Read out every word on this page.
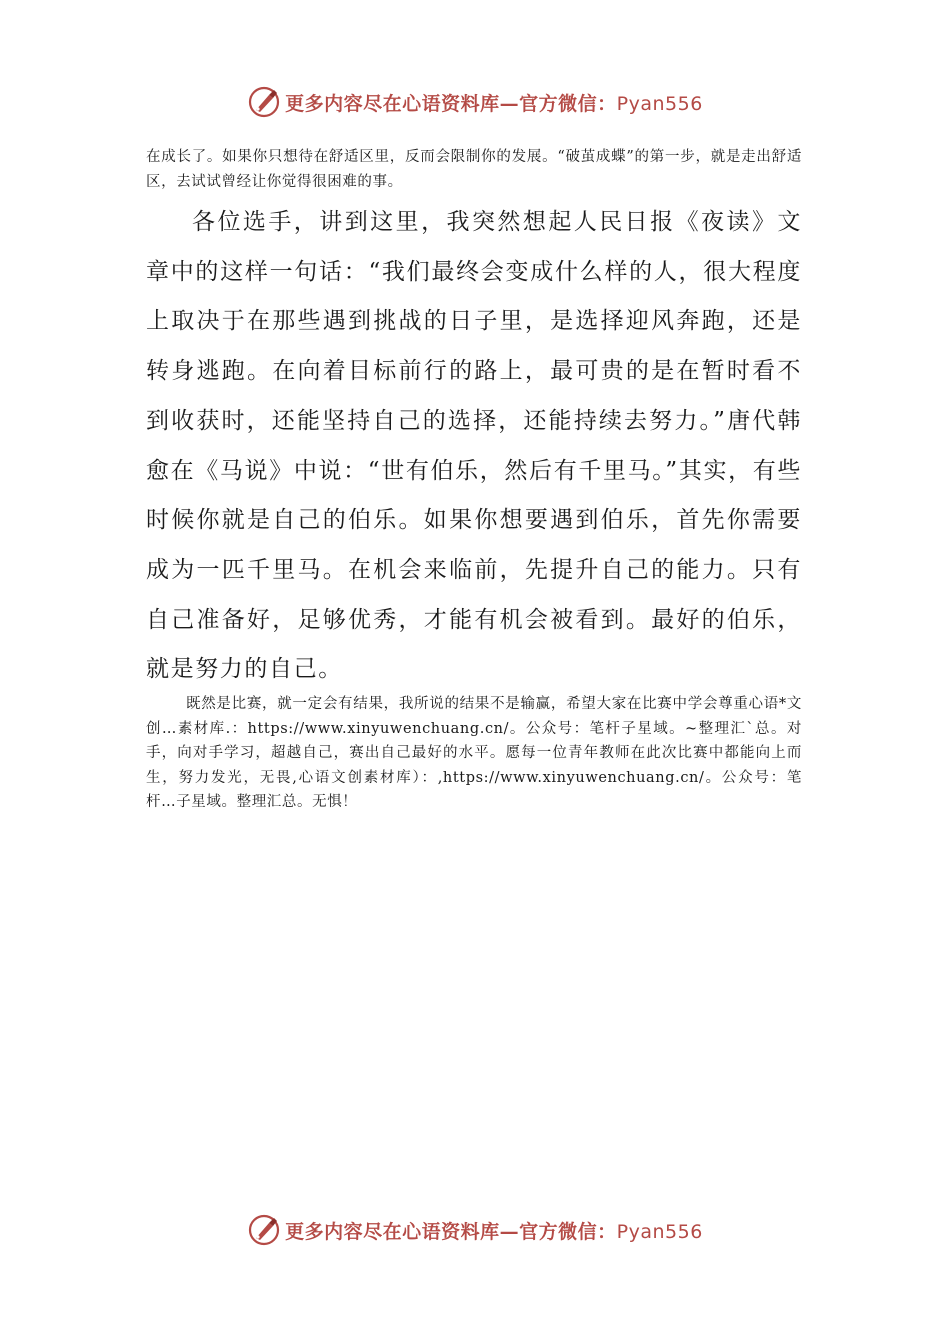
更多内容尽在心语资料库—官方微信：Pyan556

在成长了。如果你只想待在舒适区里，反而会限制你的发展。“破茧成蝶”的第一步，就是走出舒适区，去试试曾经让你觉得很困难的事。

各位选手，讲到这里，我突然想起人民日报《夜读》文章中的这样一句话：“我们最终会变成什么样的人，很大程度上取决于在那些遇到挑战的日子里，是选择迎风奔跑，还是转身逃跑。在向着目标前行的路上，最可贵的是在暂时看不到收获时，还能坚持自己的选择，还能持续去努力。”唐代韩愈在《马说》中说：“世有伯乐，然后有千里马。”其实，有些时候你就是自己的伯乐。如果你想要遇到伯乐，首先你需要成为一匹千里马。在机会来临前，先提升自己的能力。只有自己准备好，足够优秀，才能有机会被看到。最好的伯乐，就是努力的自己。

既然是比赛，就一定会有结果，我所说的结果不是输赢，希望大家在比赛中学会尊重心语*文创…素材库.：https://www.xinyuwenchuang.cn/。公众号：笔杆子星域。~整理汇`总。对手，向对手学习，超越自己，赛出自己最好的水平。愿每一位青年教师在此次比赛中都能向上而生，努力发光，无畏,心语文创素材库）：,https://www.xinyuwenchuang.cn/。公众号：笔杆…子星域。整理汇总。无惧！

更多内容尽在心语资料库—官方微信：Pyan556
